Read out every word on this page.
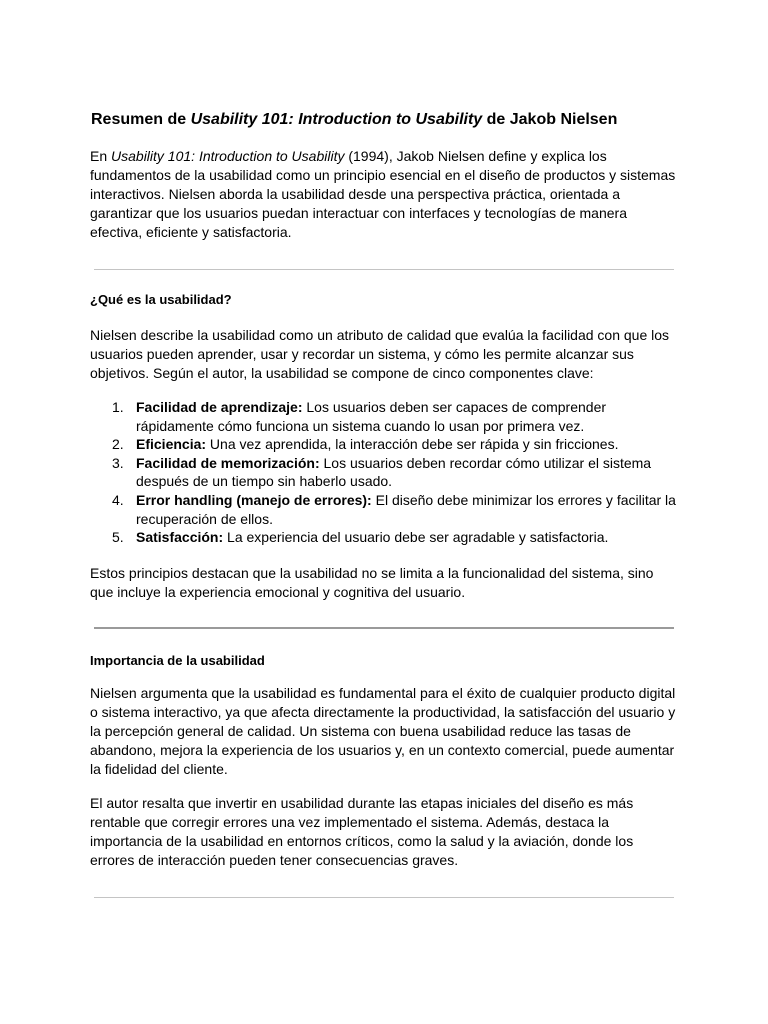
Resumen de Usability 101: Introduction to Usability de Jakob Nielsen

En Usability 101: Introduction to Usability (1994), Jakob Nielsen define y explica los fundamentos de la usabilidad como un principio esencial en el diseño de productos y sistemas interactivos. Nielsen aborda la usabilidad desde una perspectiva práctica, orientada a garantizar que los usuarios puedan interactuar con interfaces y tecnologías de manera efectiva, eficiente y satisfactoria.

¿Qué es la usabilidad?

Nielsen describe la usabilidad como un atributo de calidad que evalúa la facilidad con que los usuarios pueden aprender, usar y recordar un sistema, y cómo les permite alcanzar sus objetivos. Según el autor, la usabilidad se compone de cinco componentes clave:

1. Facilidad de aprendizaje: Los usuarios deben ser capaces de comprender rápidamente cómo funciona un sistema cuando lo usan por primera vez.
2. Eficiencia: Una vez aprendida, la interacción debe ser rápida y sin fricciones.
3. Facilidad de memorización: Los usuarios deben recordar cómo utilizar el sistema después de un tiempo sin haberlo usado.
4. Error handling (manejo de errores): El diseño debe minimizar los errores y facilitar la recuperación de ellos.
5. Satisfacción: La experiencia del usuario debe ser agradable y satisfactoria.

Estos principios destacan que la usabilidad no se limita a la funcionalidad del sistema, sino que incluye la experiencia emocional y cognitiva del usuario.

Importancia de la usabilidad

Nielsen argumenta que la usabilidad es fundamental para el éxito de cualquier producto digital o sistema interactivo, ya que afecta directamente la productividad, la satisfacción del usuario y la percepción general de calidad. Un sistema con buena usabilidad reduce las tasas de abandono, mejora la experiencia de los usuarios y, en un contexto comercial, puede aumentar la fidelidad del cliente.

El autor resalta que invertir en usabilidad durante las etapas iniciales del diseño es más rentable que corregir errores una vez implementado el sistema. Además, destaca la importancia de la usabilidad en entornos críticos, como la salud y la aviación, donde los errores de interacción pueden tener consecuencias graves.
